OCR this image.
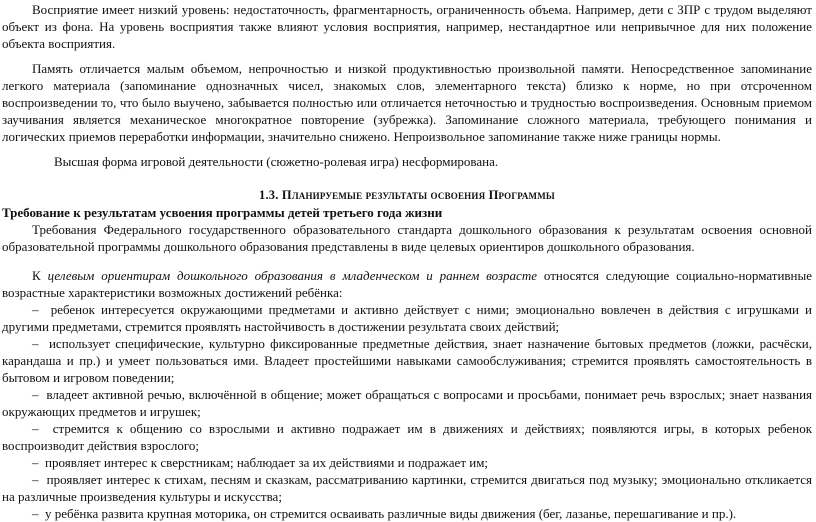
Восприятие имеет низкий уровень: недостаточность, фрагментарность, ограниченность объема. Например, дети с ЗПР с трудом выделяют объект из фона. На уровень восприятия также влияют условия восприятия, например, нестандартное или непривычное для них положение объекта восприятия.

Память отличается малым объемом, непрочностью и низкой продуктивностью произвольной памяти. Непосредственное запоминание легкого материала (запоминание однозначных чисел, знакомых слов, элементарного текста) близко к норме, но при отсроченном воспроизведении то, что было выучено, забывается полностью или отличается неточностью и трудностью воспроизведения. Основным приемом заучивания является механическое многократное повторение (зубрежка). Запоминание сложного материала, требующего понимания и логических приемов переработки информации, значительно снижено. Непроизвольное запоминание также ниже границы нормы.

Высшая форма игровой деятельности (сюжетно-ролевая игра) несформирована.

1.3. Планируемые результаты освоения Программы

Требование к результатам усвоения программы детей третьего года жизни

Требования Федерального государственного образовательного стандарта дошкольного образования к результатам освоения основной образовательной программы дошкольного образования представлены в виде целевых ориентиров дошкольного образования.

К целевым ориентирам дошкольного образования в младенческом и раннем возрасте относятся следующие социально-нормативные возрастные характеристики возможных достижений ребёнка:

– ребенок интересуется окружающими предметами и активно действует с ними; эмоционально вовлечен в действия с игрушками и другими предметами, стремится проявлять настойчивость в достижении результата своих действий;

– использует специфические, культурно фиксированные предметные действия, знает назначение бытовых предметов (ложки, расчёски, карандаша и пр.) и умеет пользоваться ими. Владеет простейшими навыками самообслуживания; стремится проявлять самостоятельность в бытовом и игровом поведении;

– владеет активной речью, включённой в общение; может обращаться с вопросами и просьбами, понимает речь взрослых; знает названия окружающих предметов и игрушек;

– стремится к общению со взрослыми и активно подражает им в движениях и действиях; появляются игры, в которых ребенок воспроизводит действия взрослого;

– проявляет интерес к сверстникам; наблюдает за их действиями и подражает им;

– проявляет интерес к стихам, песням и сказкам, рассматриванию картинки, стремится двигаться под музыку; эмоционально откликается на различные произведения культуры и искусства;

– у ребёнка развита крупная моторика, он стремится осваивать различные виды движения (бег, лазанье, перешагивание и пр.).
